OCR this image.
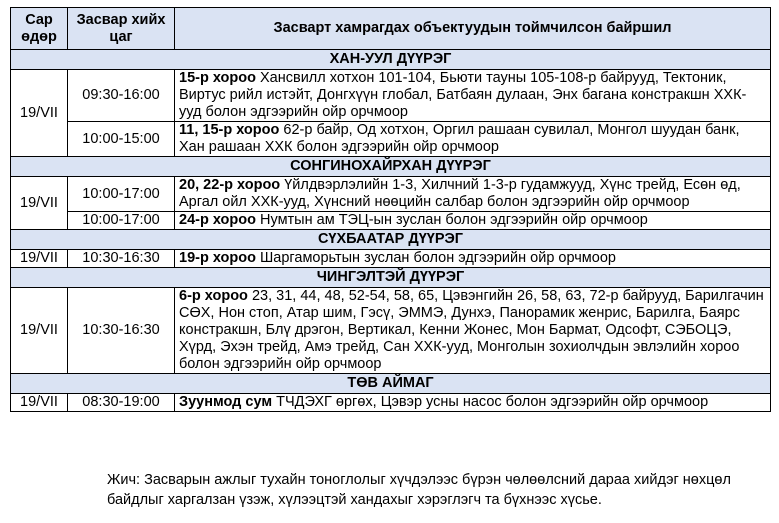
Сар өдөр	Засвар хийх цаг	Засварт хамрагдах объектуудын тоймчилсон байршил
ХАН-УУЛ ДҮҮРЭГ		
19/VII	09:30-16:00	15-р хороо Хансвилл хотхон 101-104, Бьюти тауны 105-108-р байрууд, Тектоник, Виртус рийл истэйт, Донгхүүн глобал, Батбаян дулаан, Энх багана констракшн ХХК-ууд болон эдгээрийн ойр орчмоор
	10:00-15:00	11, 15-р хороо 62-р байр, Од хотхон, Оргил рашаан сувилал, Монгол шуудан банк, Хан рашаан ХХК болон эдгээрийн ойр орчмоор
СОНГИНОХАЙРХАН ДҮҮРЭГ		
19/VII	10:00-17:00	20, 22-р хороо Үйлдвэрлэлийн 1-3, Хилчний 1-3-р гудамжууд, Хүнс трейд, Есөн өд, Аргал ойл ХХК-ууд, Хүнсний нөөцийн салбар болон эдгээрийн ойр орчмоор
	10:00-17:00	24-р хороо Нумтын ам ТЭЦ-ын зуслан болон эдгээрийн ойр орчмоор
СҮХБААТАР ДҮҮРЭГ		
19/VII	10:30-16:30	19-р хороо Шаргаморьтын зуслан болон эдгээрийн ойр орчмоор
ЧИНГЭЛТЭЙ ДҮҮРЭГ		
19/VII	10:30-16:30	6-р хороо 23, 31, 44, 48, 52-54, 58, 65, Цэвэнгийн 26, 58, 63, 72-р байрууд, Барилгачин СӨХ, Нон стоп, Атар шим, Гэсү, ЭММЭ, Дунхэ, Панорамик женрис, Барилга, Баярс констракшн, Блү дрэгон, Вертикал, Кенни Жонес, Мон Бармат, Одсофт, СЭБОЦЭ, Хүрд, Эхэн трейд, Амэ трейд, Сан ХХК-ууд, Монголын зохиолчдын эвлэлийн хороо болон эдгээрийн ойр орчмоор
ТӨВ АЙМАГ		
19/VII	08:30-19:00	Зуунмод сум ТЧДЭХГ өргөх, Цэвэр усны насос болон эдгээрийн ойр орчмоор
Жич: Засварын ажлыг тухайн тоноглолыг хүчдэлээс бүрэн чөлөөлсний дараа хийдэг нөхцөл байдлыг харгалзан үзэж, хүлээцтэй хандахыг хэрэглэгч та бүхнээс хүсье.
